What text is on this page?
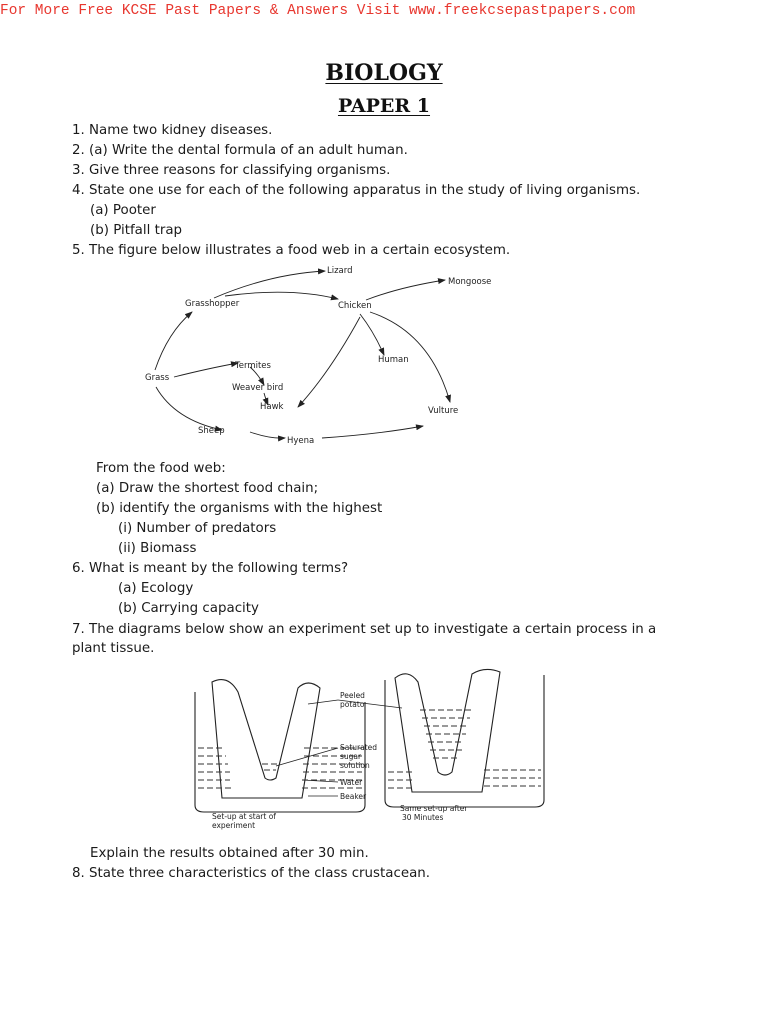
For More Free KCSE Past Papers & Answers Visit www.freekcsepastpapers.com
BIOLOGY
PAPER 1
1. Name two kidney diseases.
2. (a) Write the dental formula of an adult human.
3. Give three reasons for classifying organisms.
4. State one use for each of the following apparatus in the study of living organisms.
(a) Pooter
(b) Pitfall trap
5. The figure below illustrates a food web in a certain ecosystem.
Grass
Grasshopper
Lizard
Chicken
Mongoose
Human
Termites
Weaver bird
Hawk	Vulture
Sheep
Hyena
From the food web:
(a) Draw the shortest food chain;
(b) identify the organisms with the highest
(i) Number of predators
(ii) Biomass
6. What is meant by the following terms?
(a) Ecology
(b) Carrying capacity
7. The diagrams below show an experiment set up to investigate a certain process in a
plant tissue.
Peeled
potato
Saturated
sugar
solution
Water
Beaker
Set-up at start of
experiment
Same set-up after
30 Minutes
Explain the results obtained after 30 min.
8. State three characteristics of the class crustacean.
